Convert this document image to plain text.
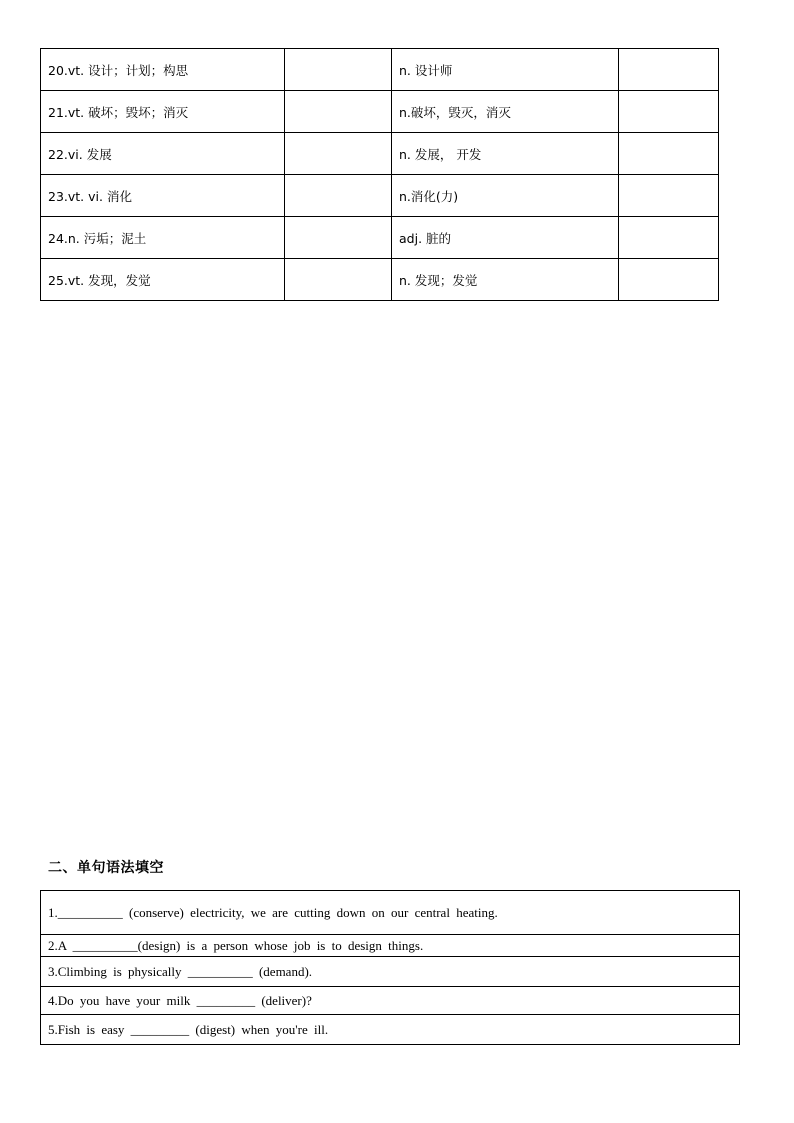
20.vt. 设计；计划；构思		n. 设计师	
21.vt. 破坏；毁坏；消灭		n.破坏，毁灭，消灭	
22.vi. 发展		n. 发展， 开发	
23.vt. vi. 消化		n.消化(力)	
24.n. 污垢；泥土		adj. 脏的	
25.vt. 发现，发觉		n. 发现；发觉	
二、单句语法填空
1.__________ (conserve) electricity, we are cutting down on our central heating.
2.A __________(design) is a person whose job is to design things.
3.Climbing is physically __________ (demand).
4.Do you have your milk _________ (deliver)?
5.Fish is easy _________ (digest) when you're ill.
